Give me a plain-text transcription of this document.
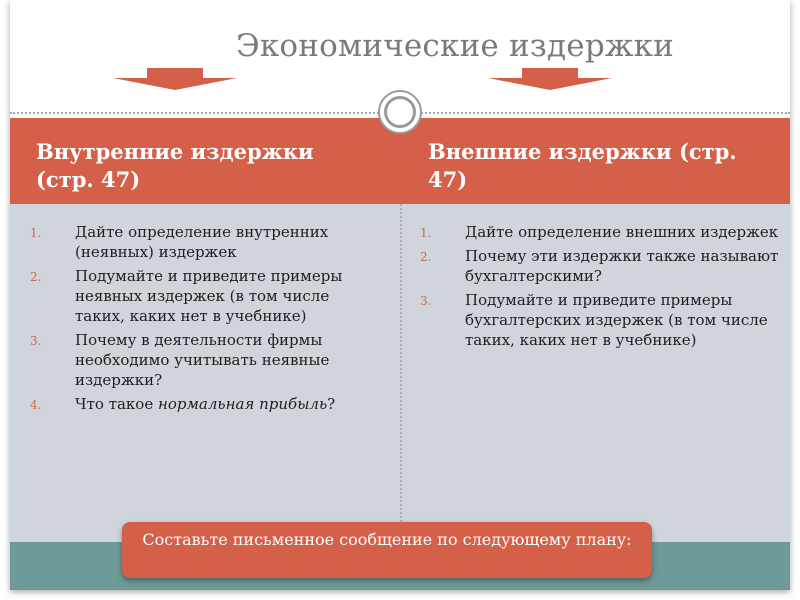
Экономические издержки
Внутренние издержки (стр. 47)
Внешние издержки (стр. 47)
1.	Дайте определение внутренних (неявных) издержек
2.	Подумайте и приведите примеры неявных издержек (в том числе таких, каких нет в учебнике)
3.	Почему в деятельности фирмы необходимо учитывать неявные издержки?
4.	Что такое нормальная прибыль?
1.	Дайте определение внешних издержек
2.	Почему эти издержки также называют бухгалтерскими?
3.	Подумайте и приведите примеры бухгалтерских издержек (в том числе таких, каких нет в учебнике)
Составьте письменное сообщение по следующему плану:
